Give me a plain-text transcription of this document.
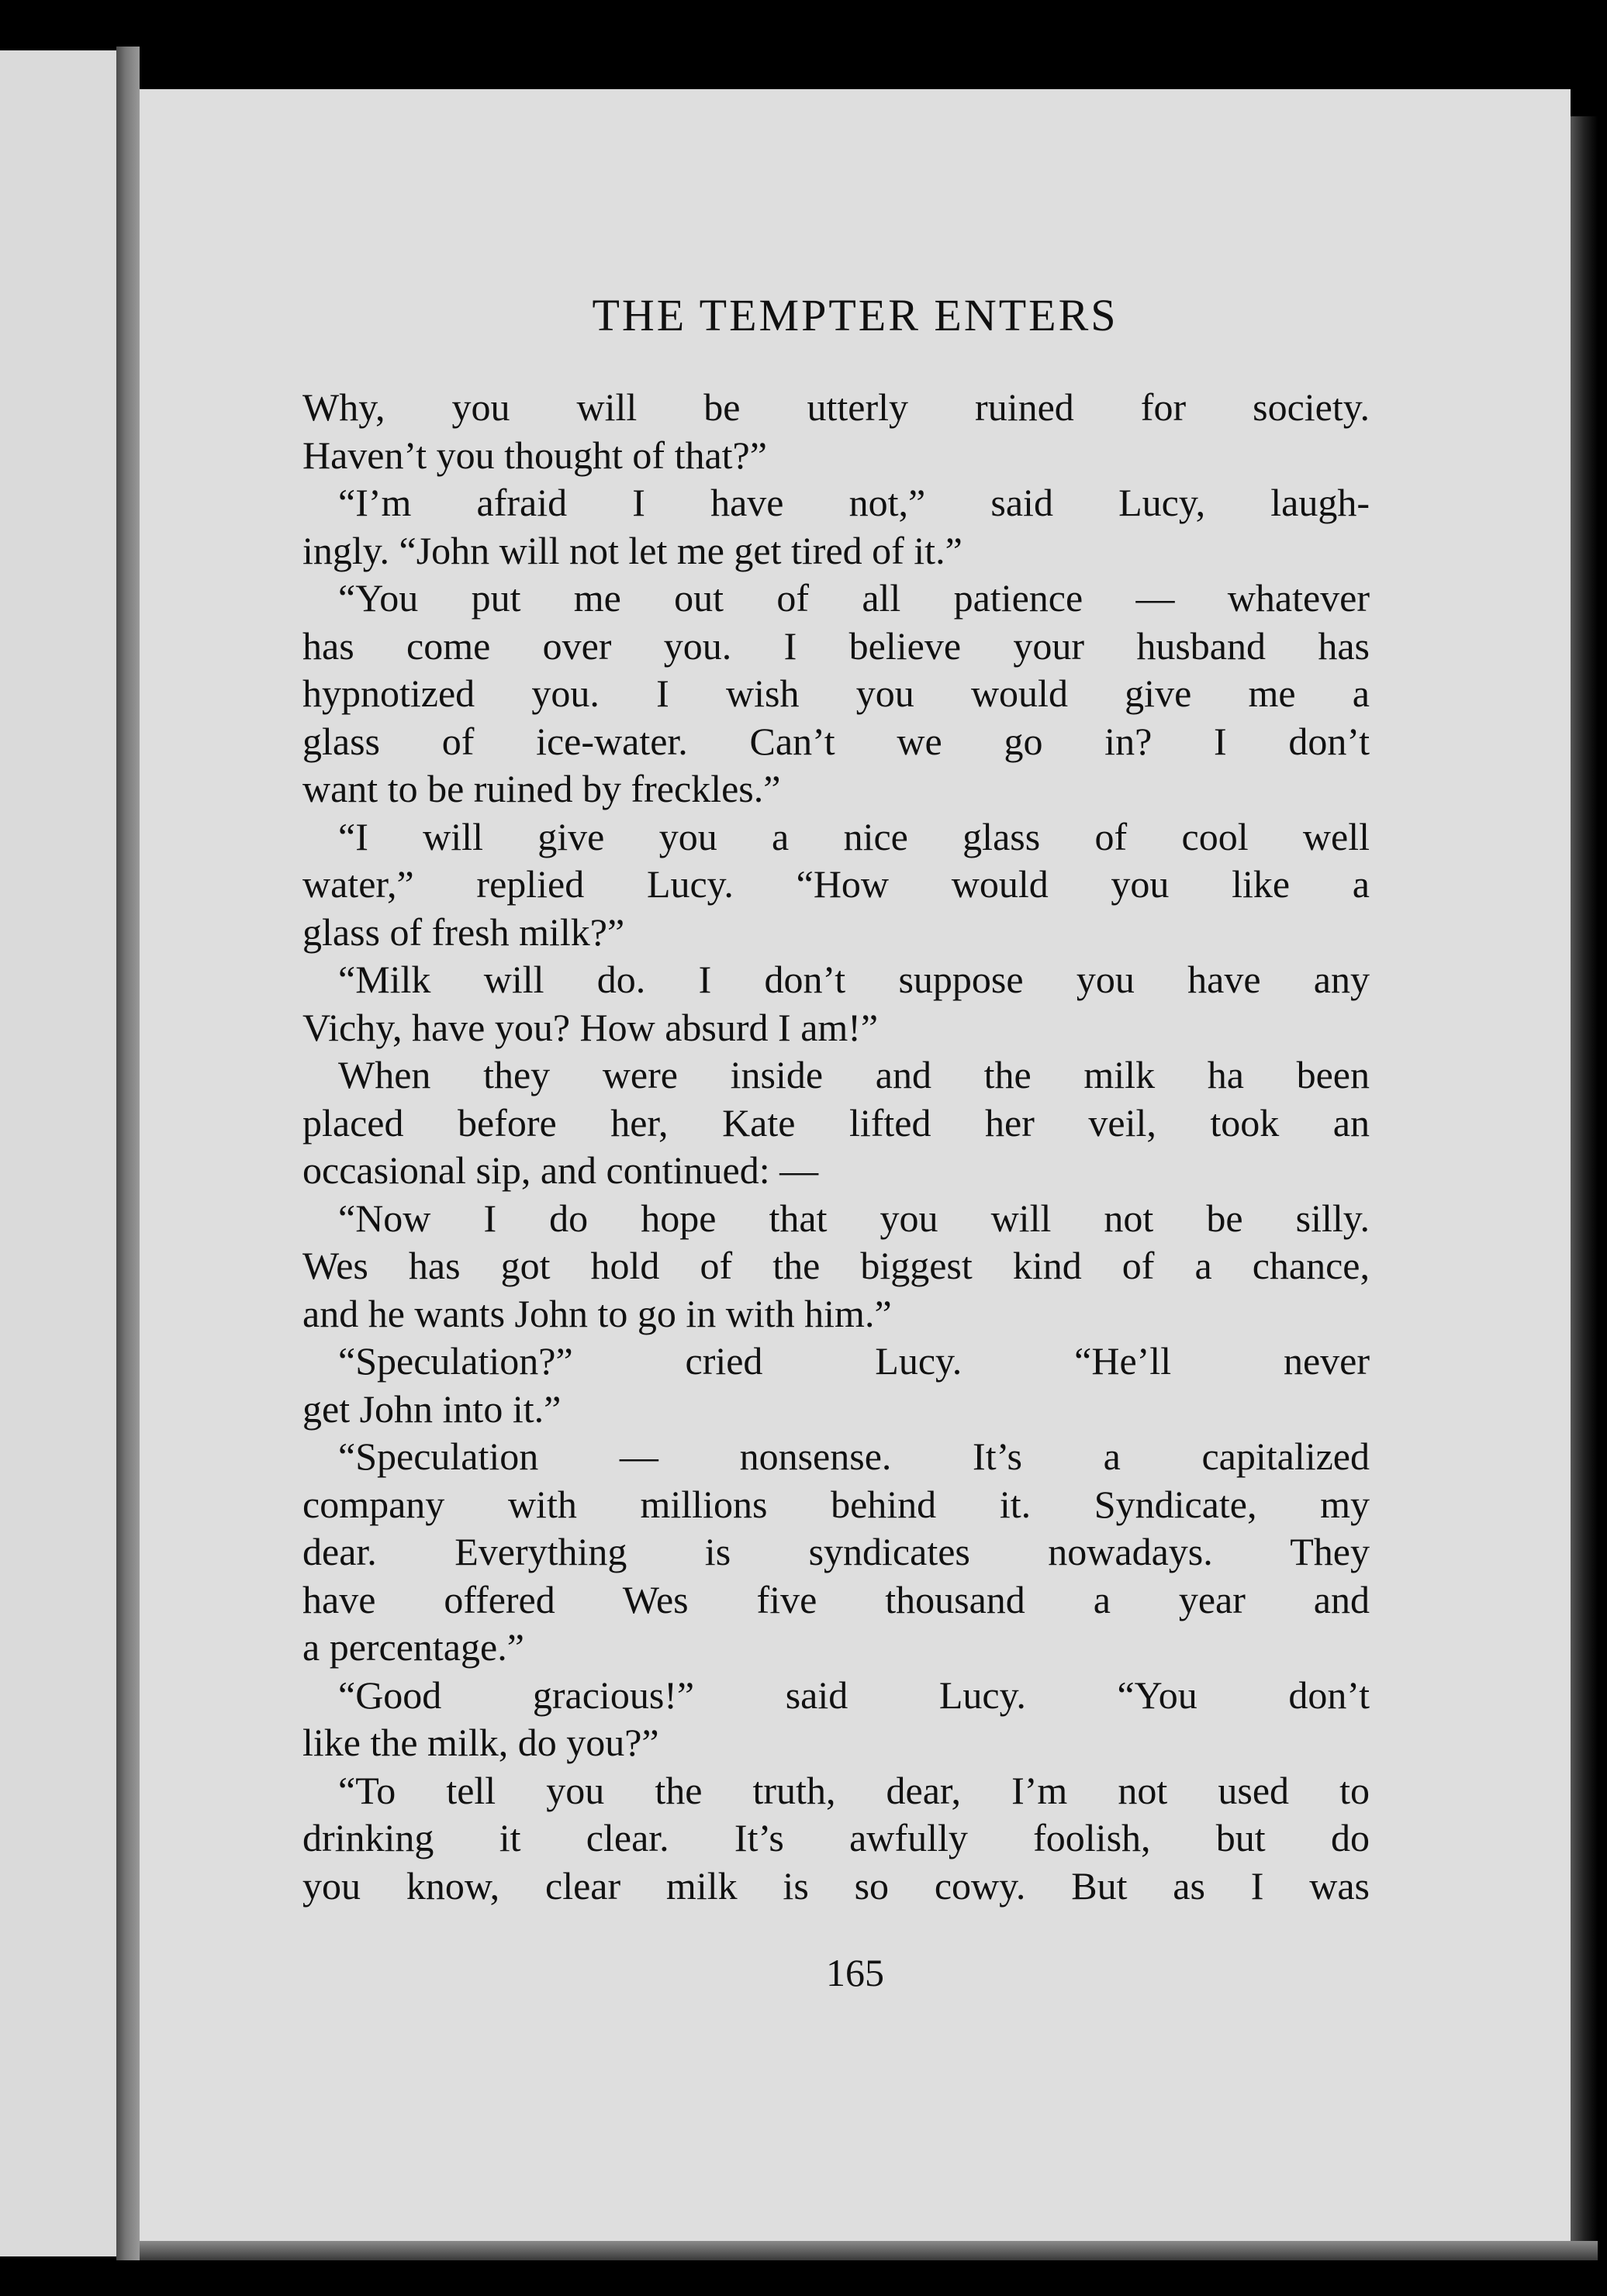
THE TEMPTER ENTERS
Why, you will be utterly ruined for society.
Haven’t you thought of that?”
“I’m afraid I have not,” said Lucy, laugh-
ingly. “John will not let me get tired of it.”
“You put me out of all patience — whatever
has come over you. I believe your husband has
hypnotized you. I wish you would give me a
glass of ice-water. Can’t we go in? I don’t
want to be ruined by freckles.”
“I will give you a nice glass of cool well
water,” replied Lucy. “How would you like a
glass of fresh milk?”
“Milk will do. I don’t suppose you have any
Vichy, have you? How absurd I am!”
When they were inside and the milk ha been
placed before her, Kate lifted her veil, took an
occasional sip, and continued: —
“Now I do hope that you will not be silly.
Wes has got hold of the biggest kind of a chance,
and he wants John to go in with him.”
“Speculation?” cried Lucy. “He’ll never
get John into it.”
“Speculation — nonsense. It’s a capitalized
company with millions behind it. Syndicate, my
dear. Everything is syndicates nowadays. They
have offered Wes five thousand a year and
a percentage.”
“Good gracious!” said Lucy. “You don’t
like the milk, do you?”
“To tell you the truth, dear, I’m not used to
drinking it clear. It’s awfully foolish, but do
you know, clear milk is so cowy. But as I was
165
